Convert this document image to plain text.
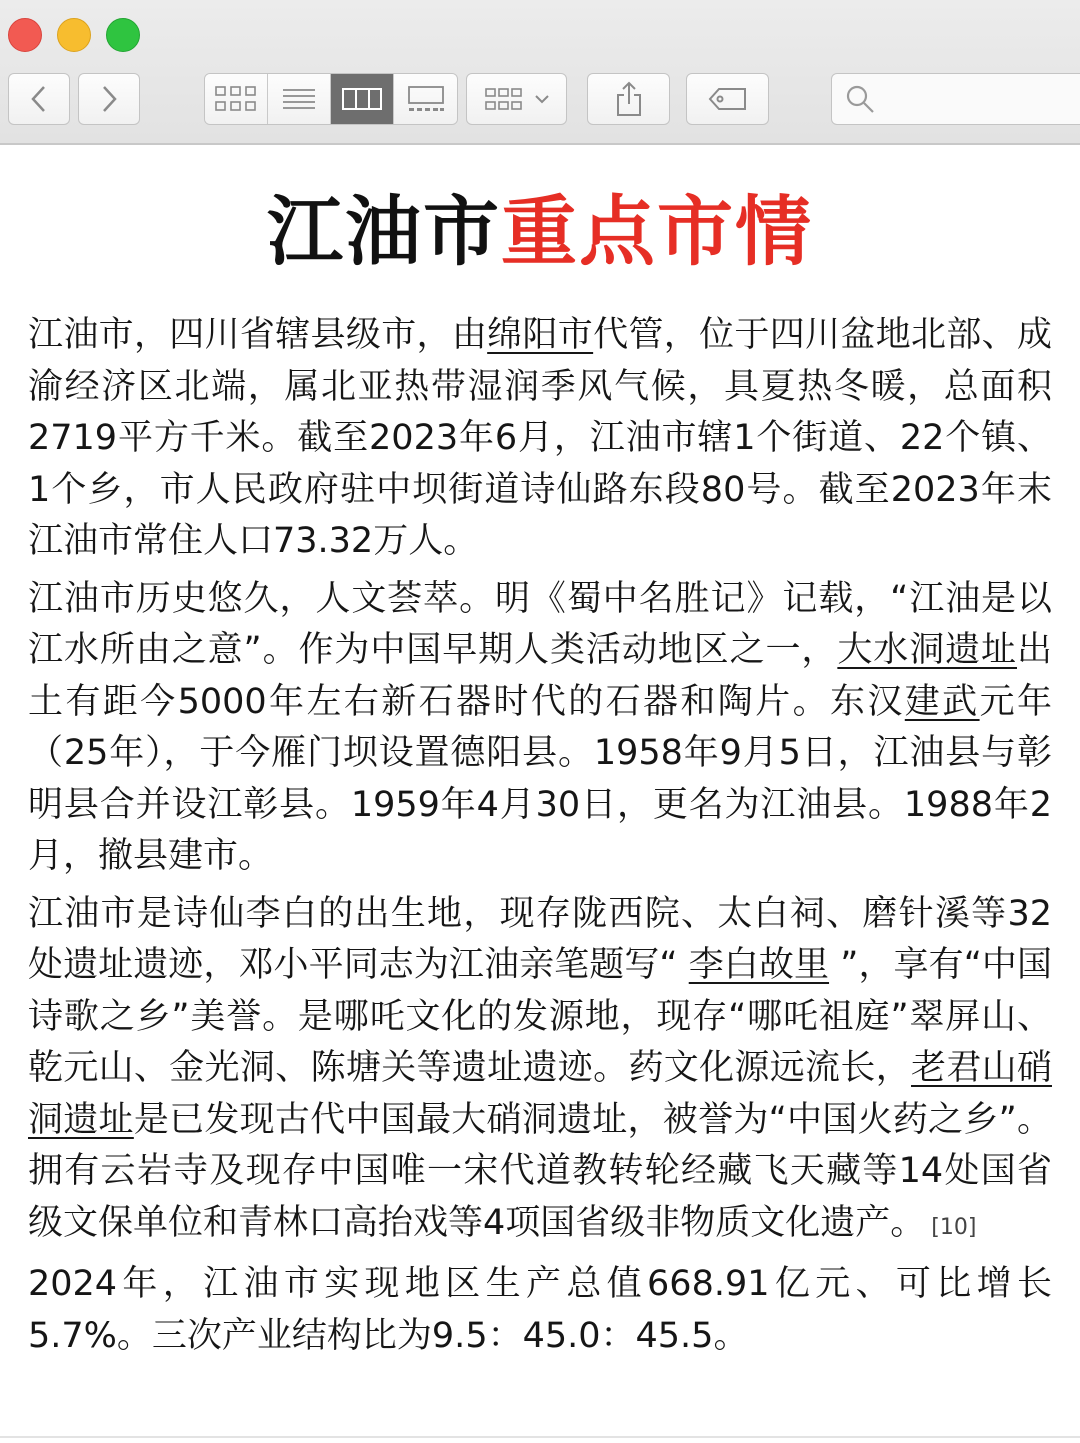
江油市重点市情

江油市，四川省辖县级市，由绵阳市代管，位于四川盆地北部、成渝经济区北端，属北亚热带湿润季风气候，具夏热冬暖，总面积2719平方千米。截至2023年6月，江油市辖1个街道、22个镇、1个乡，市人民政府驻中坝街道诗仙路东段80号。截至2023年末江油市常住人口73.32万人。

江油市历史悠久，人文荟萃。明《蜀中名胜记》记载，“江油是以江水所由之意”。作为中国早期人类活动地区之一，大水洞遗址出土有距今5000年左右新石器时代的石器和陶片。东汉建武元年（25年），于今雁门坝设置德阳县。1958年9月5日，江油县与彰明县合并设江彰县。1959年4月30日，更名为江油县。1988年2月，撤县建市。

江油市是诗仙李白的出生地，现存陇西院、太白祠、磨针溪等32处遗址遗迹，邓小平同志为江油亲笔题写“ 李白故里 ”，享有“中国诗歌之乡”美誉。是哪吒文化的发源地，现存“哪吒祖庭”翠屏山、乾元山、金光洞、陈塘关等遗址遗迹。药文化源远流长，老君山硝洞遗址是已发现古代中国最大硝洞遗址，被誉为“中国火药之乡”。拥有云岩寺及现存中国唯一宋代道教转轮经藏飞天藏等14处国省级文保单位和青林口高抬戏等4项国省级非物质文化遗产。 [10]

2024年，江油市实现地区生产总值668.91亿元、可比增长5.7%。三次产业结构比为9.5：45.0：45.5。
